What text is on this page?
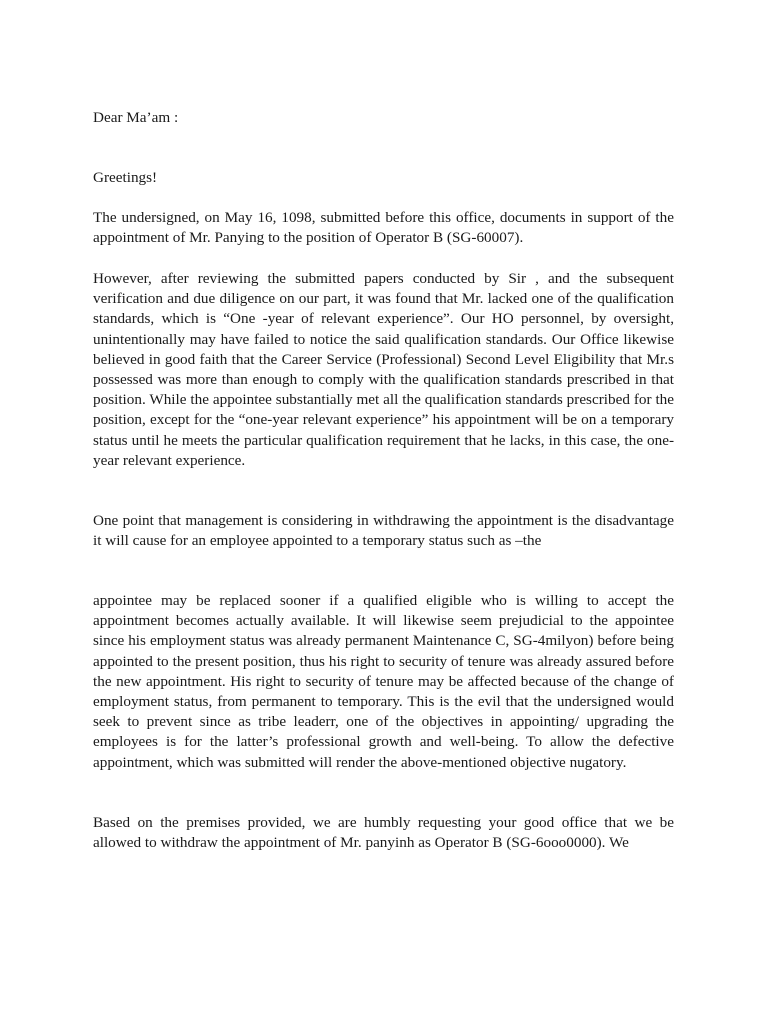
Dear Ma’am :

Greetings!

The undersigned, on May 16, 1098, submitted before this office, documents in support of the appointment of Mr. Panying to the position of Operator B (SG-60007).

However, after reviewing the submitted papers conducted by Sir , and the subsequent verification and due diligence on our part, it was found that Mr. lacked one of the qualification standards, which is “One -year of relevant experience”. Our HO personnel, by oversight, unintentionally may have failed to notice the said qualification standards. Our Office likewise believed in good faith that the Career Service (Professional) Second Level Eligibility that Mr.s possessed was more than enough to comply with the qualification standards prescribed in that position. While the appointee substantially met all the qualification standards prescribed for the position, except for the “one-year relevant experience” his appointment will be on a temporary status until he meets the particular qualification requirement that he lacks, in this case, the one-year relevant experience.

One point that management is considering in withdrawing the appointment is the disadvantage it will cause for an employee appointed to a temporary status such as –the

appointee may be replaced sooner if a qualified eligible who is willing to accept the appointment becomes actually available. It will likewise seem prejudicial to the appointee since his employment status was already permanent Maintenance C, SG-4milyon) before being appointed to the present position, thus his right to security of tenure was already assured before the new appointment. His right to security of tenure may be affected because of the change of employment status, from permanent to temporary. This is the evil that the undersigned would seek to prevent since as tribe leaderr, one of the objectives in appointing/ upgrading the employees is for the latter’s professional growth and well-being. To allow the defective appointment, which was submitted will render the above-mentioned objective nugatory.

Based on the premises provided, we are humbly requesting your good office that we be allowed to withdraw the appointment of Mr. panyinh as Operator B (SG-6ooo0000). We
